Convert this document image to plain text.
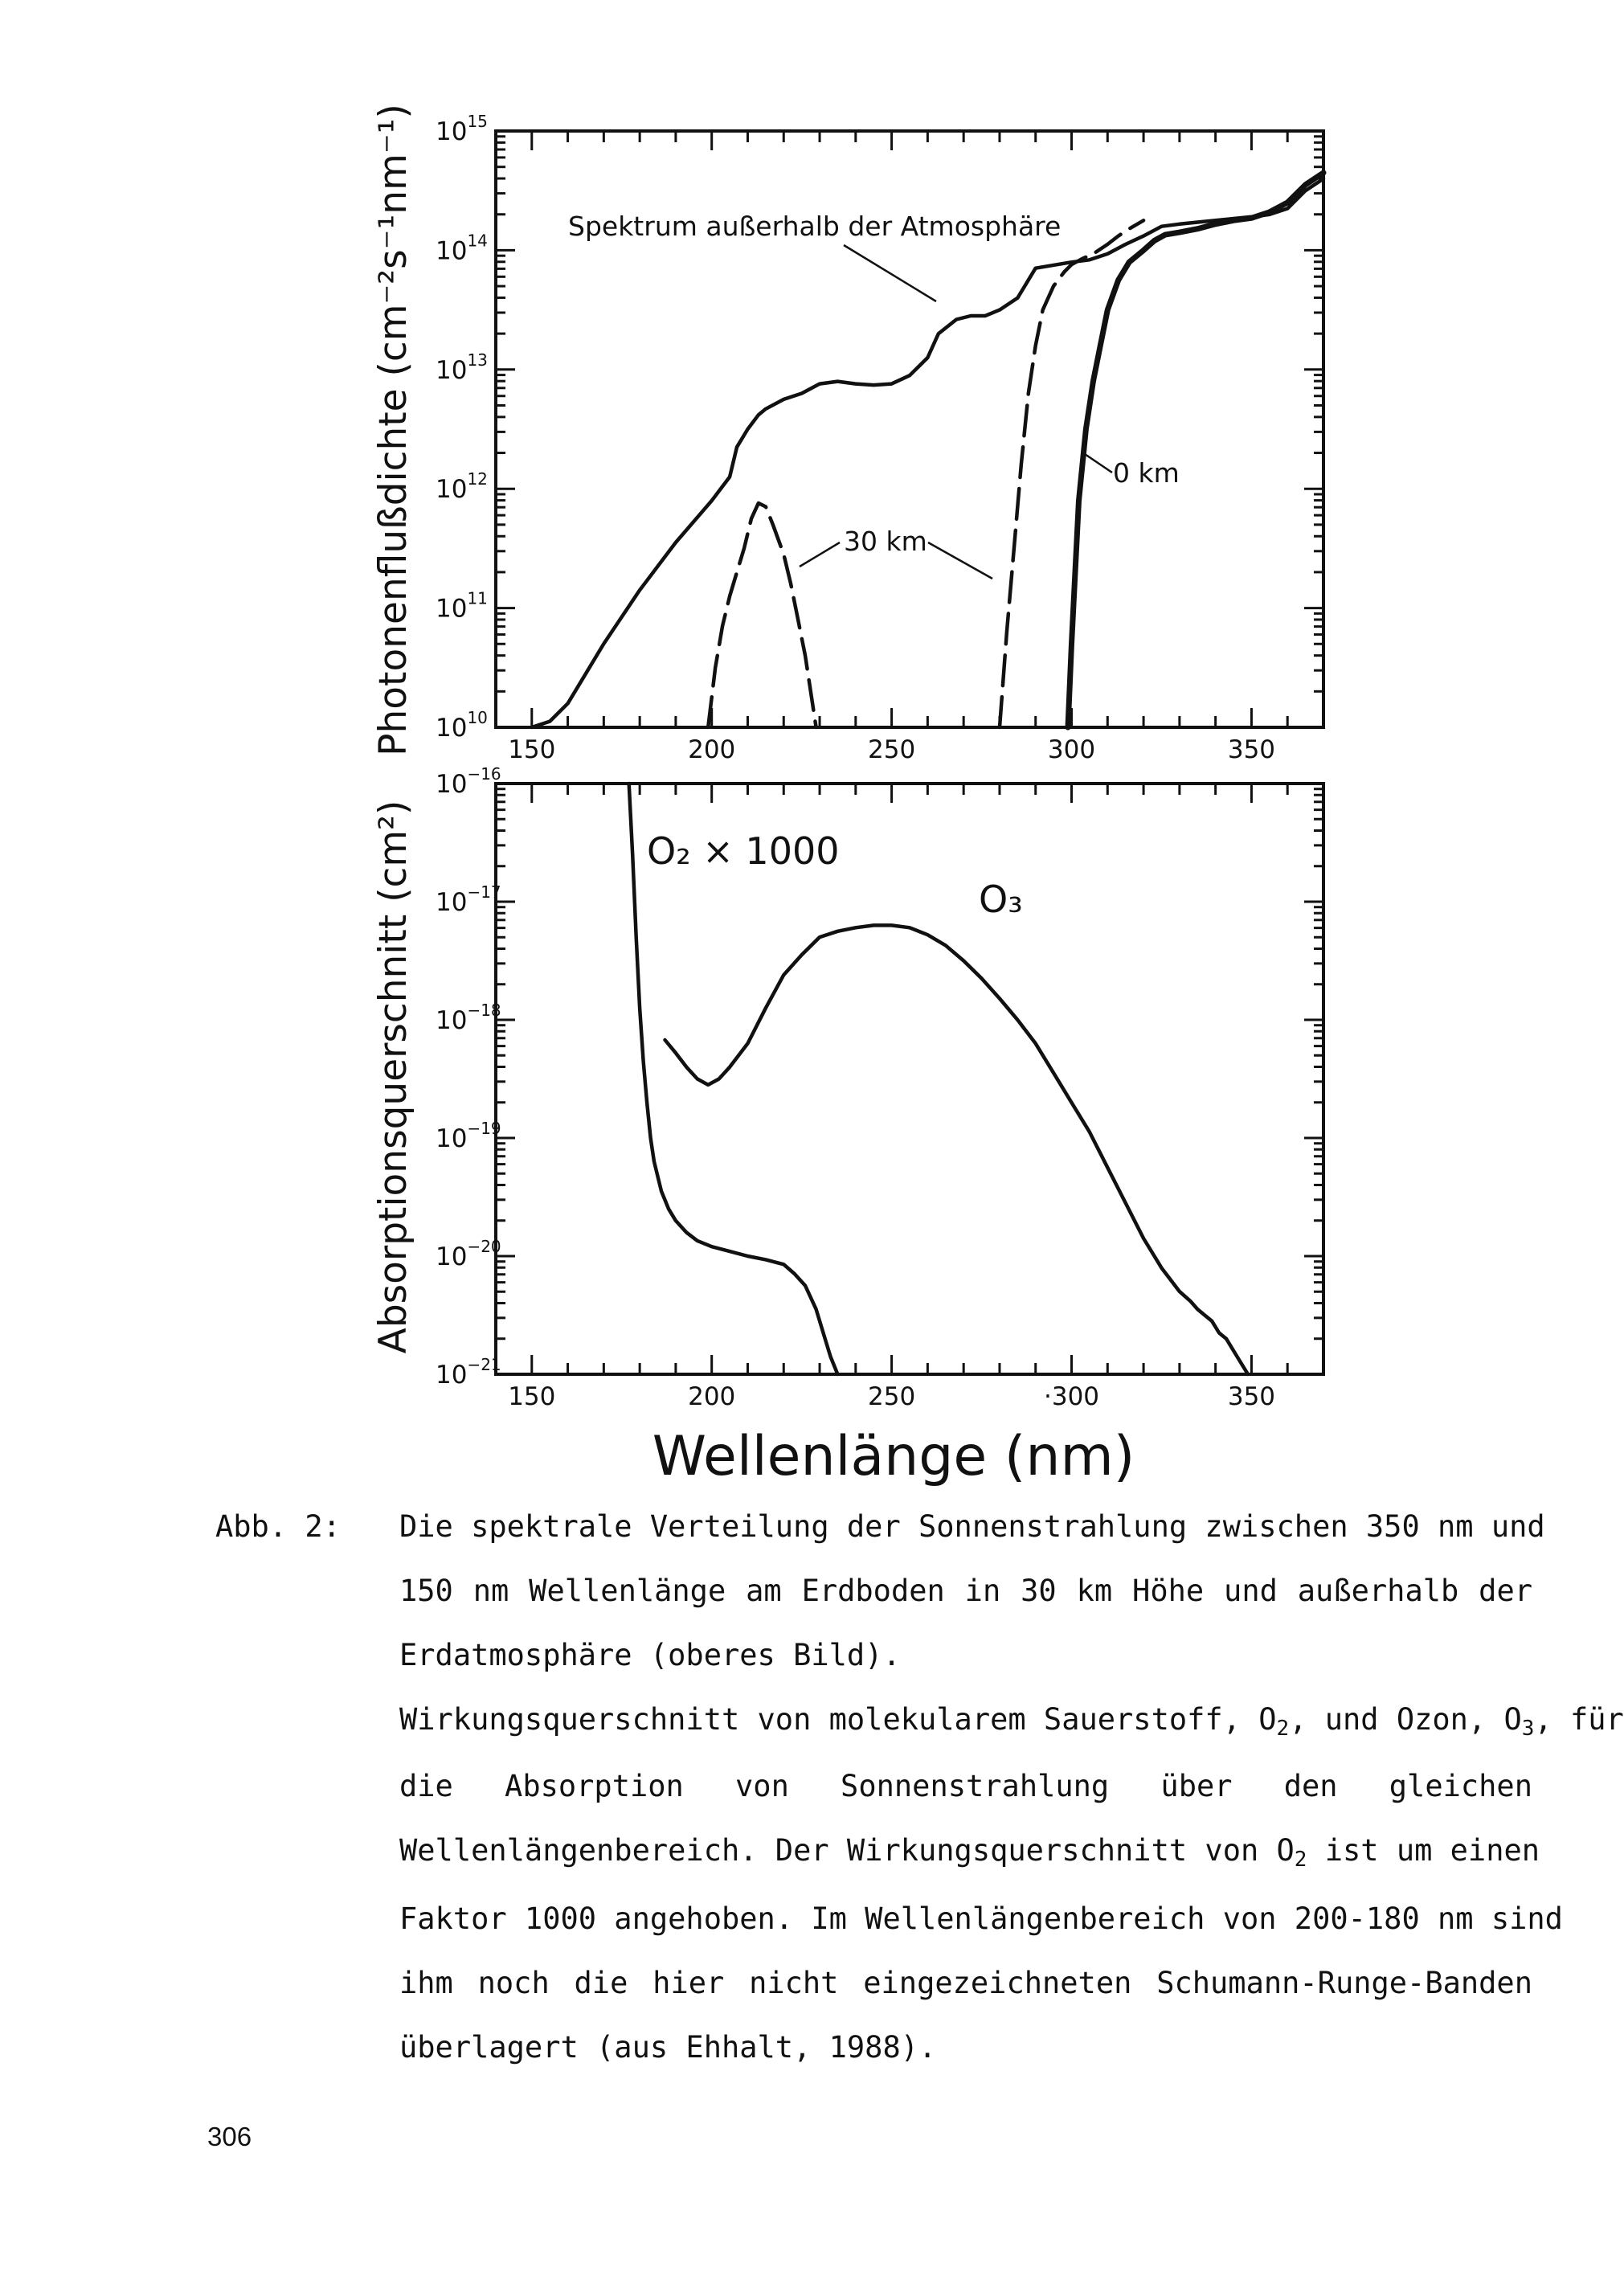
150	200	250	300	350
$10^{10}$
$10^{11}$
$10^{12}$
$10^{13}$
$10^{14}$
$10^{15}$
Photonenflußdichte (cm⁻²s⁻¹nm⁻¹)	Spektrum außerhalb der Atmosphäre
30 km
0 km
150	200	250	·300	350
$10^{-21}$
$10^{-20}$
$10^{-19}$
$10^{-18}$
$10^{-17}$
$10^{-16}$
Absorptionsquerschnitt (cm²)	O₂ × 1000
O₃
Wellenlänge (nm)
Abb. 2: Die spektrale Verteilung der Sonnenstrahlung zwischen 350 nm und
150 nm Wellenlänge am Erdboden in 30 km Höhe und außerhalb der
Erdatmosphäre (oberes Bild).
Wirkungsquerschnitt von molekularem Sauerstoff, $O_2$, und Ozon, $O_3$, für
die Absorption von Sonnenstrahlung über den gleichen
Wellenlängenbereich. Der Wirkungsquerschnitt von $O_2$ ist um einen
Faktor 1000 angehoben. Im Wellenlängenbereich von 200-180 nm sind
ihm noch die hier nicht eingezeichneten Schumann-Runge-Banden
überlagert (aus Ehhalt, 1988).
306
